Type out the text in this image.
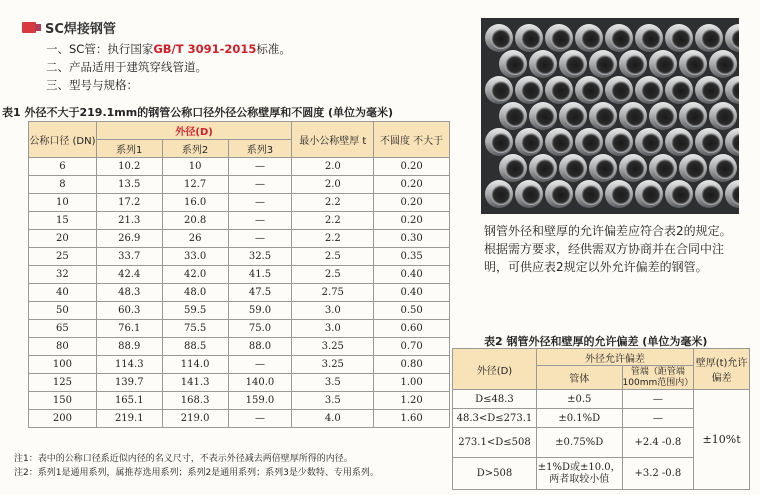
SC焊接钢管
一、SC管：执行国家GB/T 3091-2015标准。
二、产品适用于建筑穿线管道。
三、型号与规格：
表1 外径不大于219.1mm的钢管公称口径外径公称壁厚和不圆度 (单位为毫米)
公称口径 (DN)	外径(D)			最小公称壁厚 t	不圆度 不大于
	系列1	系列2	系列3		
6	10.2	10	—	2.0	0.20
8	13.5	12.7	—	2.0	0.20
10	17.2	16.0	—	2.2	0.20
15	21.3	20.8	—	2.2	0.20
20	26.9	26	—	2.2	0.30
25	33.7	33.0	32.5	2.5	0.35
32	42.4	42.0	41.5	2.5	0.40
40	48.3	48.0	47.5	2.75	0.40
50	60.3	59.5	59.0	3.0	0.50
65	76.1	75.5	75.0	3.0	0.60
80	88.9	88.5	88.0	3.25	0.70
100	114.3	114.0	—	3.25	0.80
125	139.7	141.3	140.0	3.5	1.00
150	165.1	168.3	159.0	3.5	1.20
200	219.1	219.0	—	4.0	1.60
注1：表中的公称口径系近似内径的名义尺寸，不表示外径减去两倍壁厚所得的内径。
注2：系列1是通用系列，属推荐选用系列；系列2是通用系列；系列3是少数特、专用系列。
钢管外径和壁厚的允许偏差应符合表2的规定。根据需方要求，经供需双方协商并在合同中注明，可供应表2规定以外允许偏差的钢管。
表2 钢管外径和壁厚的允许偏差 (单位为毫米)
外径(D)	外径允许偏差		壁厚(t)允许偏差
	管体	管端（距管端100mm范围内）	
D≤48.3	±0.5	—	±10%t
48.3<D≤273.1	±0.1%D	—	
273.1<D≤508	±0.75%D	+2.4 -0.8	
D>508	±1%D或±10.0，两者取较小值	+3.2 -0.8	
